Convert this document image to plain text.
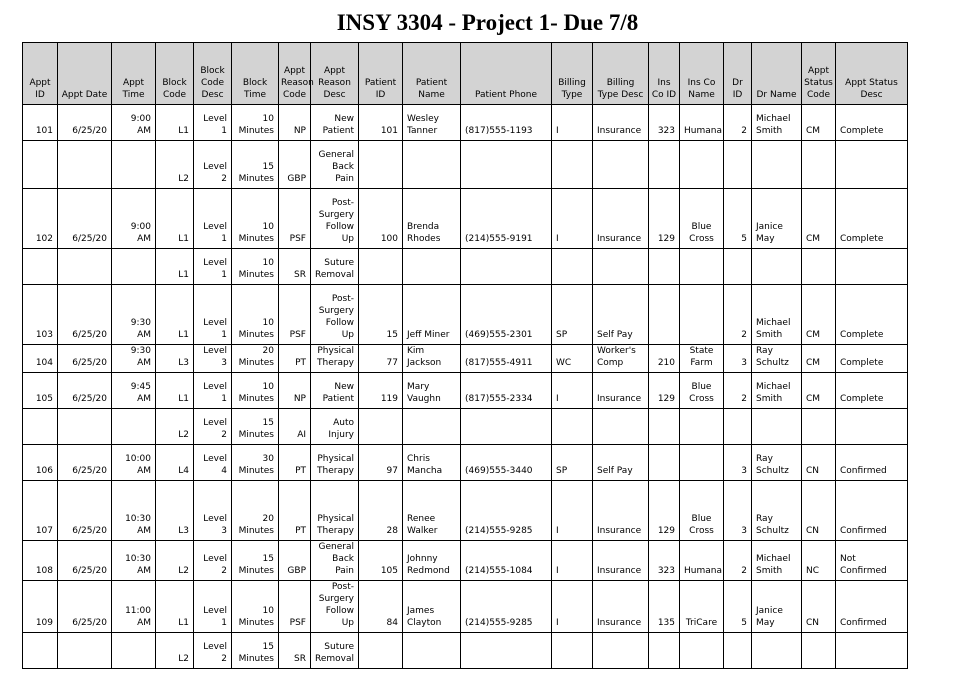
INSY 3304 - Project 1- Due 7/8
Appt ID	Appt Date	Appt Time	Block Code	Block Code Desc	Block Time	Appt Reason Code	Appt Reason Desc	Patient ID	Patient Name	Patient Phone	Billing Type	Billing Type Desc	Ins Co ID	Ins Co Name	Dr ID	Dr Name	Appt Status Code	Appt Status Desc
101	6/25/20	9:00 AM	L1	Level 1	10 Minutes	NP	New Patient	101	Wesley Tanner	(817)555-1193	I	Insurance	323	Humana	2	Michael Smith	CM	Complete
			L2	Level 2	15 Minutes	GBP	General Back Pain											
102	6/25/20	9:00 AM	L1	Level 1	10 Minutes	PSF	Post-Surgery Follow Up	100	Brenda Rhodes	(214)555-9191	I	Insurance	129	Blue Cross	5	Janice May	CM	Complete
			L1	Level 1	10 Minutes	SR	Suture Removal											
103	6/25/20	9:30 AM	L1	Level 1	10 Minutes	PSF	Post-Surgery Follow Up	15	Jeff Miner	(469)555-2301	SP	Self Pay			2	Michael Smith	CM	Complete
104	6/25/20	9:30 AM	L3	Level 3	20 Minutes	PT	Physical Therapy	77	Kim Jackson	(817)555-4911	WC	Worker's Comp	210	State Farm	3	Ray Schultz	CM	Complete
105	6/25/20	9:45 AM	L1	Level 1	10 Minutes	NP	New Patient	119	Mary Vaughn	(817)555-2334	I	Insurance	129	Blue Cross	2	Michael Smith	CM	Complete
			L2	Level 2	15 Minutes	AI	Auto Injury											
106	6/25/20	10:00 AM	L4	Level 4	30 Minutes	PT	Physical Therapy	97	Chris Mancha	(469)555-3440	SP	Self Pay			3	Ray Schultz	CN	Confirmed
107	6/25/20	10:30 AM	L3	Level 3	20 Minutes	PT	Physical Therapy	28	Renee Walker	(214)555-9285	I	Insurance	129	Blue Cross	3	Ray Schultz	CN	Confirmed
108	6/25/20	10:30 AM	L2	Level 2	15 Minutes	GBP	General Back Pain	105	Johnny Redmond	(214)555-1084	I	Insurance	323	Humana	2	Michael Smith	NC	Not Confirmed
109	6/25/20	11:00 AM	L1	Level 1	10 Minutes	PSF	Post-Surgery Follow Up	84	James Clayton	(214)555-9285	I	Insurance	135	TriCare	5	Janice May	CN	Confirmed
			L2	Level 2	15 Minutes	SR	Suture Removal											
